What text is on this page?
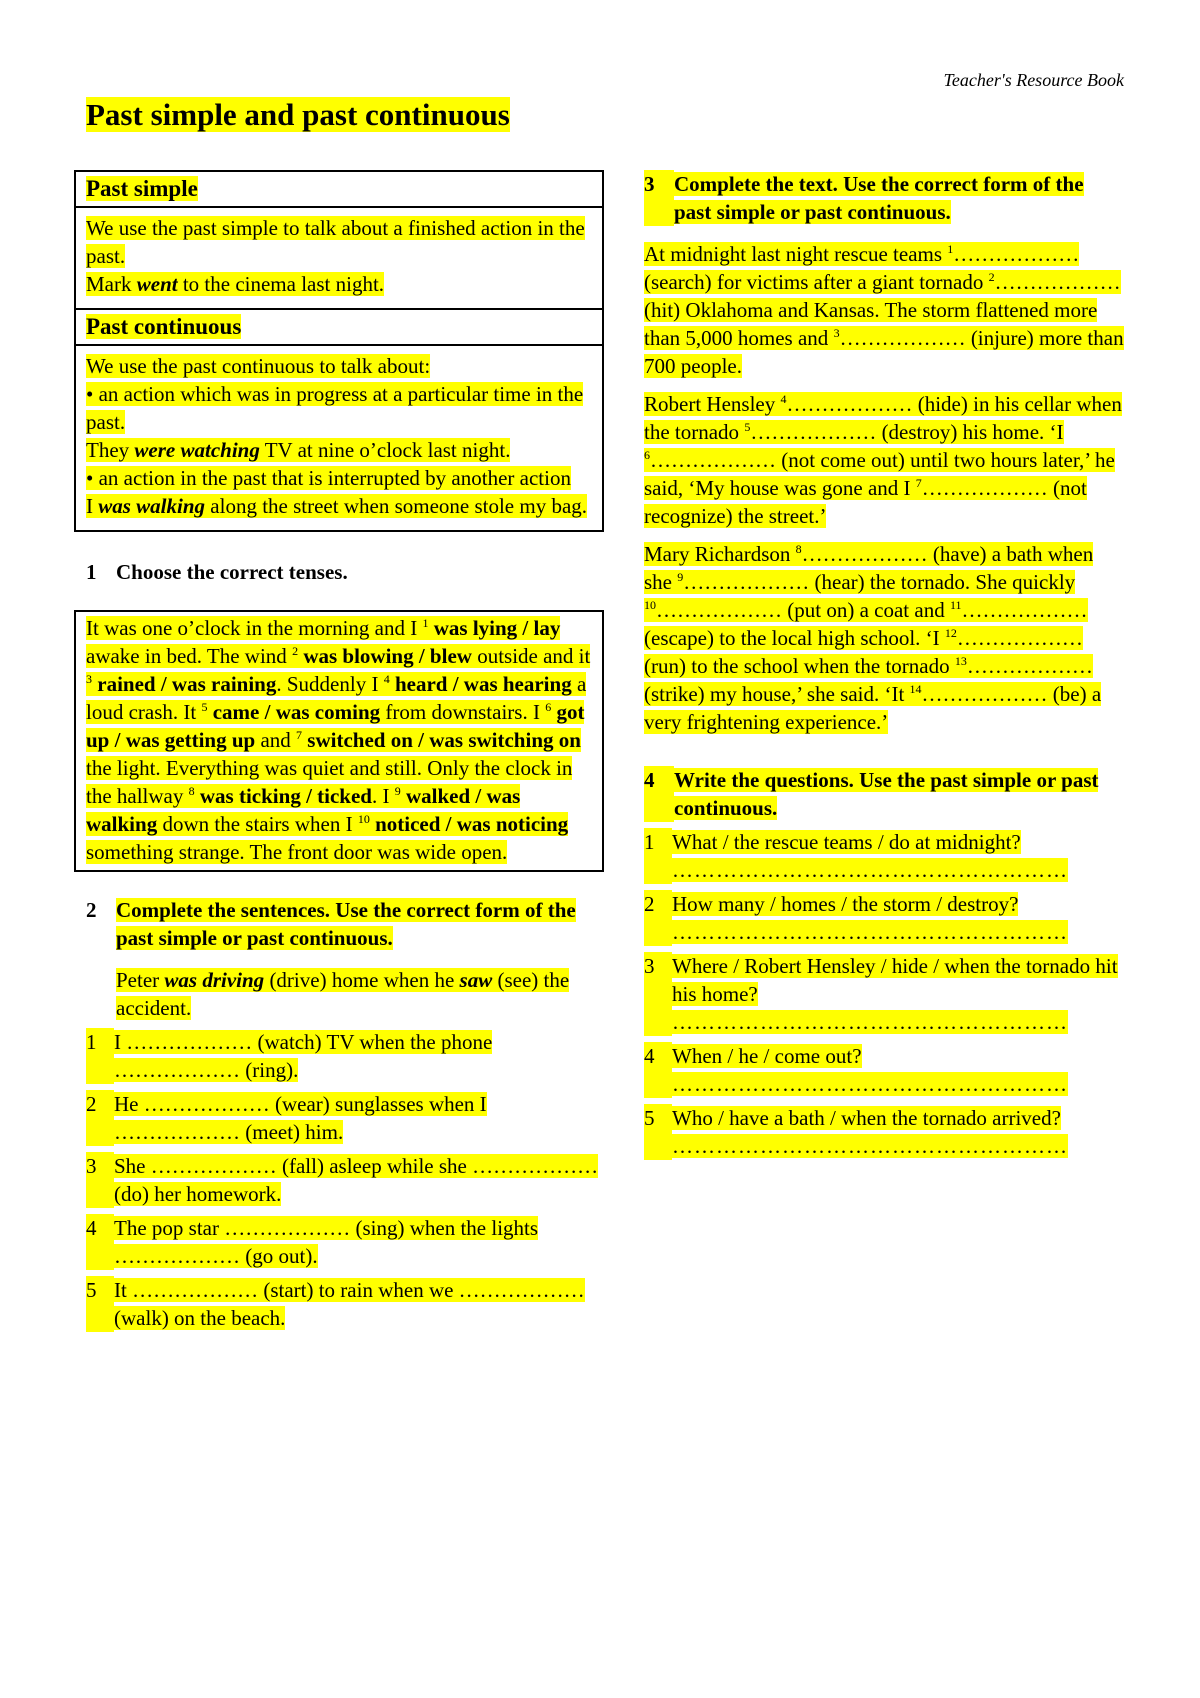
Teacher's Resource Book
Past simple and past continuous
Past simple
We use the past simple to talk about a finished action in the past.
Mark went to the cinema last night.
Past continuous
We use the past continuous to talk about:
• an action which was in progress at a particular time in the past.
They were watching TV at nine o’clock last night.
• an action in the past that is interrupted by another action
I was walking along the street when someone stole my bag.
1 Choose the correct tenses.
It was one o’clock in the morning and I $^1$ was lying / lay awake in bed. The wind $^2$ was blowing / blew outside and it $^3$ rained / was raining. Suddenly I $^4$ heard / was hearing a loud crash. It $^5$ came / was coming from downstairs. I $^6$ got up / was getting up and $^7$ switched on / was switching on the light. Everything was quiet and still. Only the clock in the hallway $^8$ was ticking / ticked. I $^9$ walked / was walking down the stairs when I $^{10}$ noticed / was noticing something strange. The front door was wide open.
2 Complete the sentences. Use the correct form of the past simple or past continuous.
Peter was driving (drive) home when he saw (see) the accident.
1 I ……………… (watch) TV when the phone ……………… (ring).
2 He ……………… (wear) sunglasses when I ……………… (meet) him.
3 She ……………… (fall) asleep while she ……………… (do) her homework.
4 The pop star ……………… (sing) when the lights ……………… (go out).
5 It ……………… (start) to rain when we ……………… (walk) on the beach.
3 Complete the text. Use the correct form of the past simple or past continuous.
At midnight last night rescue teams $^1$……………… (search) for victims after a giant tornado $^2$……………… (hit) Oklahoma and Kansas. The storm flattened more than 5,000 homes and $^3$……………… (injure) more than 700 people.
Robert Hensley $^4$……………… (hide) in his cellar when the tornado $^5$……………… (destroy) his home. ‘I $^6$……………… (not come out) until two hours later,’ he said, ‘My house was gone and I $^7$……………… (not recognize) the street.’
Mary Richardson $^8$……………… (have) a bath when she $^9$……………… (hear) the tornado. She quickly $^{10}$……………… (put on) a coat and $^{11}$……………… (escape) to the local high school. ‘I $^{12}$……………… (run) to the school when the tornado $^{13}$……………… (strike) my house,’ she said. ‘It $^{14}$……………… (be) a very frightening experience.’
4 Write the questions. Use the past simple or past continuous.
1 What / the rescue teams / do at midnight?
………………………………………………
2 How many / homes / the storm / destroy?
………………………………………………
3 Where / Robert Hensley / hide / when the tornado hit his home?
………………………………………………
4 When / he / come out?
………………………………………………
5 Who / have a bath / when the tornado arrived?
………………………………………………
